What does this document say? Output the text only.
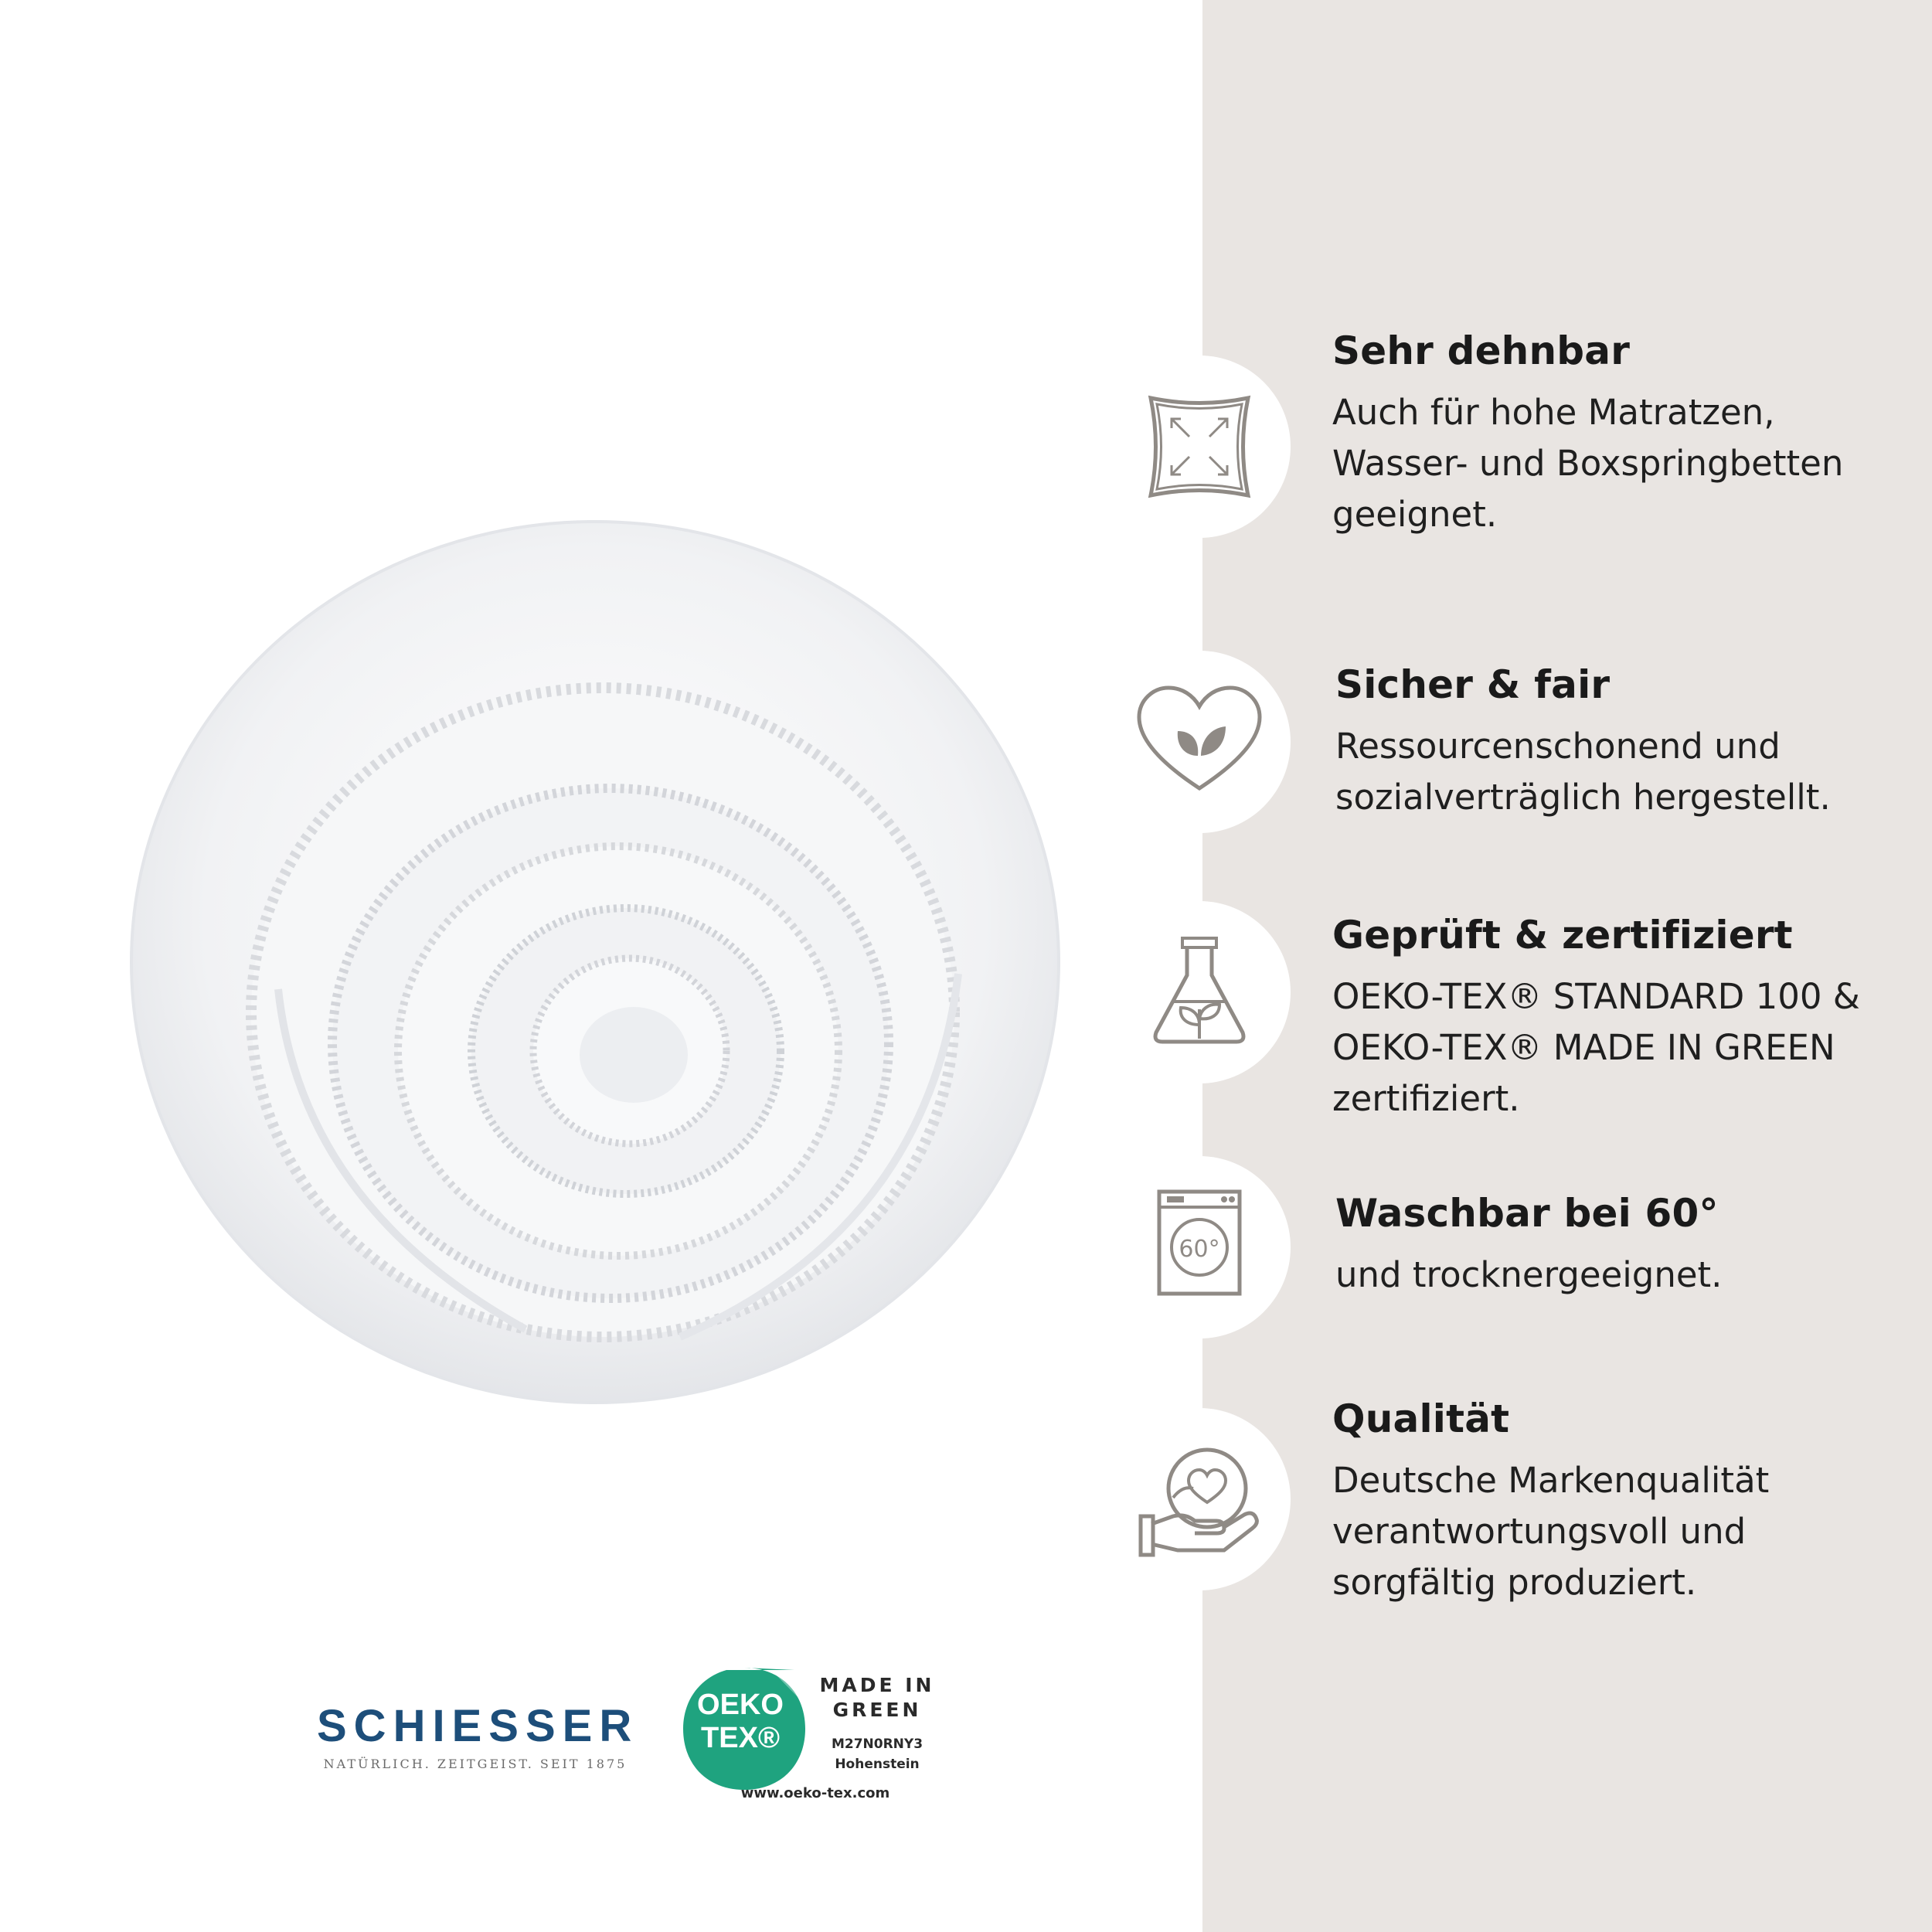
Sehr dehnbar
Auch für hohe Matratzen,
Wasser- und Boxspringbetten
geeignet.
Sicher & fair
Ressourcenschonend und
sozialverträglich hergestellt.
Geprüft & zertifiziert
OEKO-TEX® STANDARD 100 &
OEKO-TEX® MADE IN GREEN
zertifiziert.
60°
Waschbar bei 60°
und trocknergeeignet.
Qualität
Deutsche Markenqualität
verantwortungsvoll und
sorgfältig produziert.
SCHIESSER
NATÜRLICH. ZEITGEIST. SEIT 1875
OEKO
TEX®
MADE IN
GREEN
M27N0RNY3
Hohenstein
www.oeko-tex.com
